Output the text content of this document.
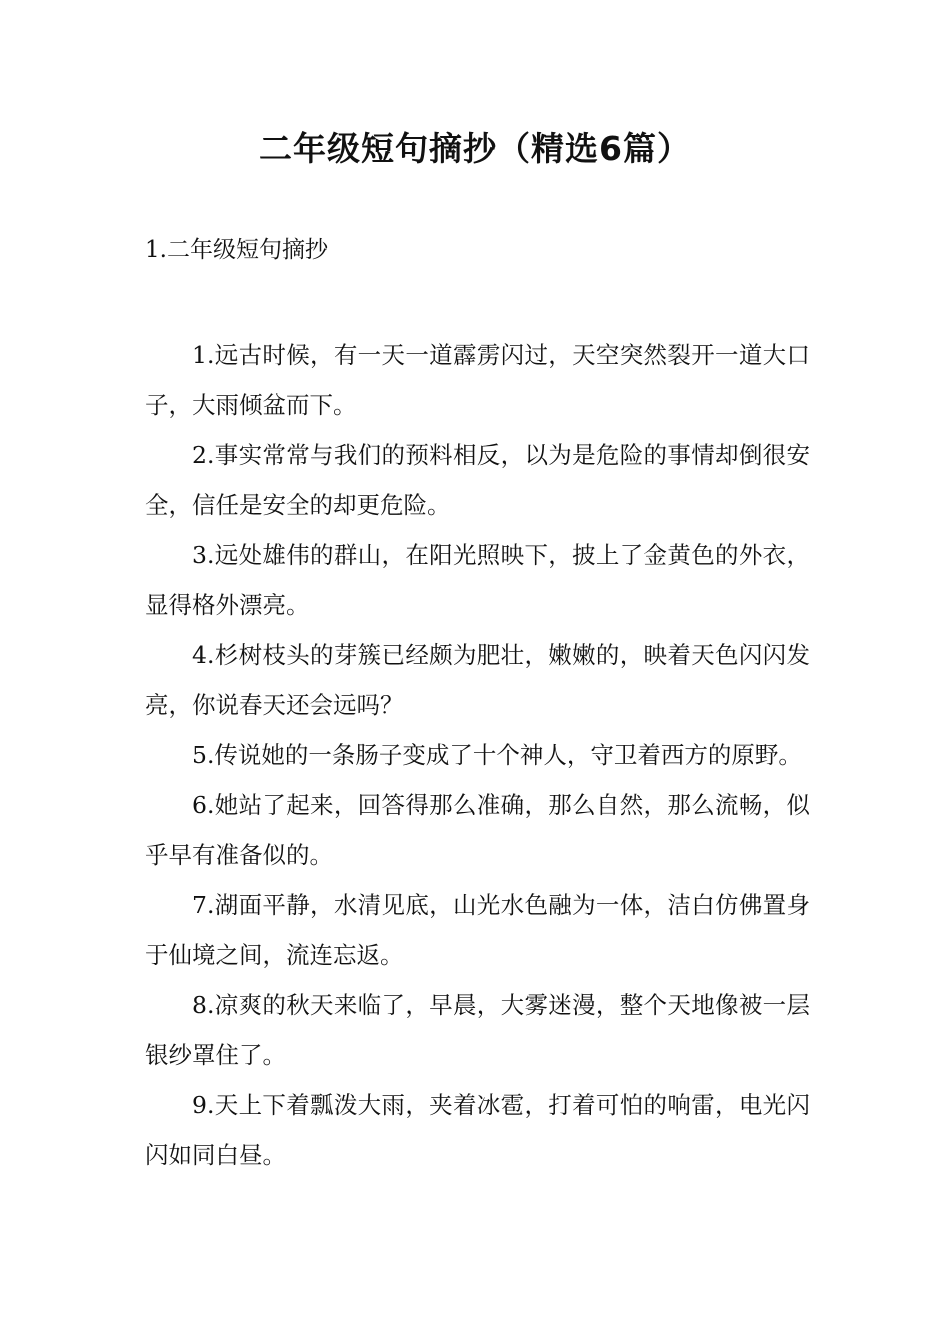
二年级短句摘抄（精选6篇）
1.二年级短句摘抄
1.远古时候，有一天一道霹雳闪过，天空突然裂开一道大口子，大雨倾盆而下。
2.事实常常与我们的预料相反，以为是危险的事情却倒很安全，信任是安全的却更危险。
3.远处雄伟的群山，在阳光照映下，披上了金黄色的外衣，显得格外漂亮。
4.杉树枝头的芽簇已经颇为肥壮，嫩嫩的，映着天色闪闪发亮，你说春天还会远吗？
5.传说她的一条肠子变成了十个神人，守卫着西方的原野。
6.她站了起来，回答得那么准确，那么自然，那么流畅，似乎早有准备似的。
7.湖面平静，水清见底，山光水色融为一体，洁白仿佛置身于仙境之间，流连忘返。
8.凉爽的秋天来临了，早晨，大雾迷漫，整个天地像被一层银纱罩住了。
9.天上下着瓢泼大雨，夹着冰雹，打着可怕的响雷，电光闪闪如同白昼。
